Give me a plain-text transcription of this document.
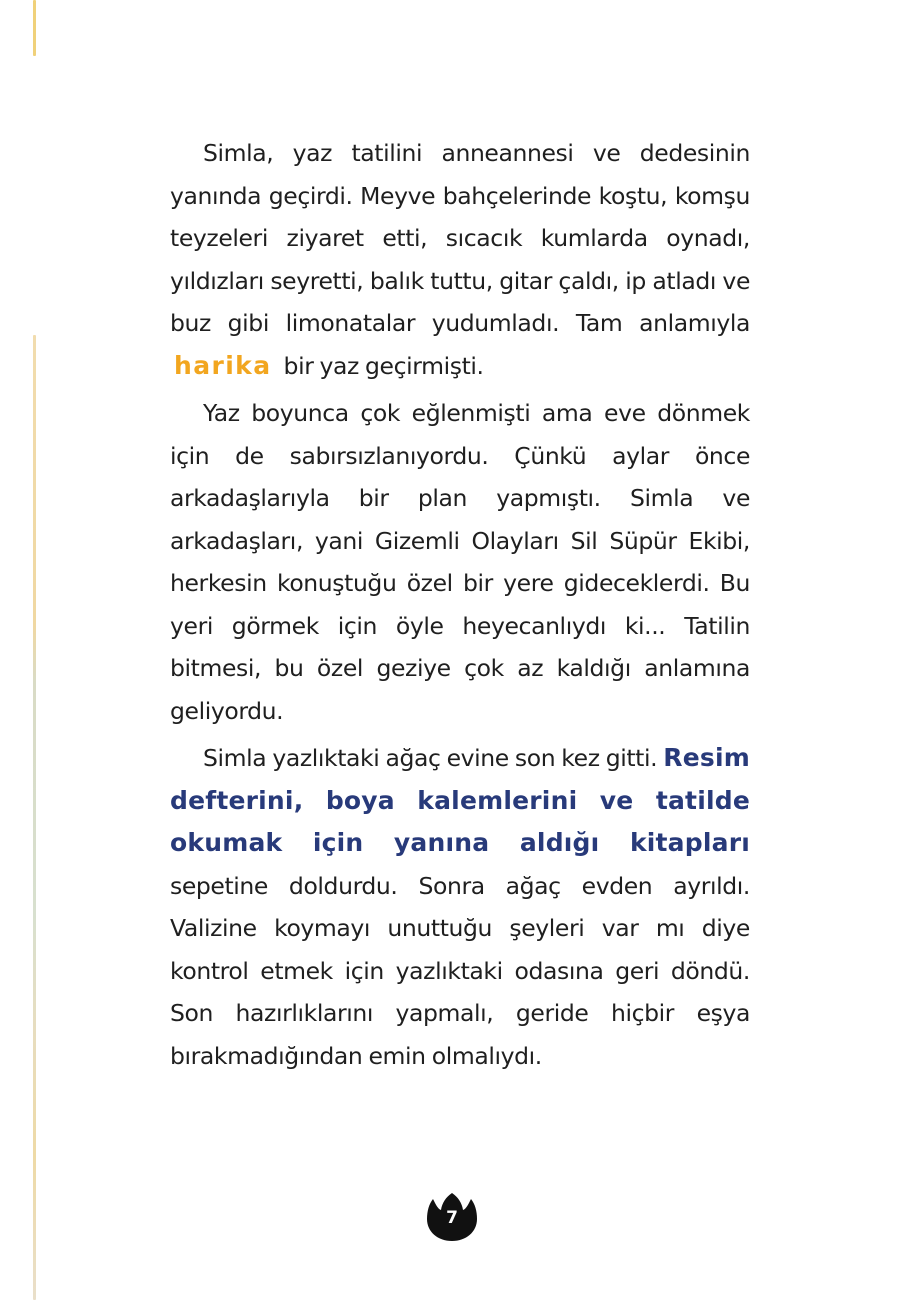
Simla, yaz tatilini anneannesi ve dedesinin yanında geçirdi. Meyve bahçelerinde koştu, komşu teyzeleri ziyaret etti, sıcacık kumlarda oynadı, yıldızları seyretti, balık tuttu, gitar çaldı, ip atladı ve buz gibi limonatalar yudumladı. Tam anlamıyla harika bir yaz geçirmişti.

Yaz boyunca çok eğlenmişti ama eve dönmek için de sabırsızlanıyordu. Çünkü aylar önce arkadaşlarıyla bir plan yapmıştı. Simla ve arkadaşları, yani Gizemli Olayları Sil Süpür Ekibi, herkesin konuştuğu özel bir yere gideceklerdi. Bu yeri görmek için öyle heyecanlıydı ki... Tatilin bitmesi, bu özel geziye çok az kaldığı anlamına geliyordu.

Simla yazlıktaki ağaç evine son kez gitti. Resim defterini, boya kalemlerini ve tatilde okumak için yanına aldığı kitapları sepetine doldurdu. Sonra ağaç evden ayrıldı. Valizine koymayı unuttuğu şeyleri var mı diye kontrol etmek için yazlıktaki odasına geri döndü. Son hazırlıklarını yapmalı, geride hiçbir eşya bırakmadığından emin olmalıydı.

7
